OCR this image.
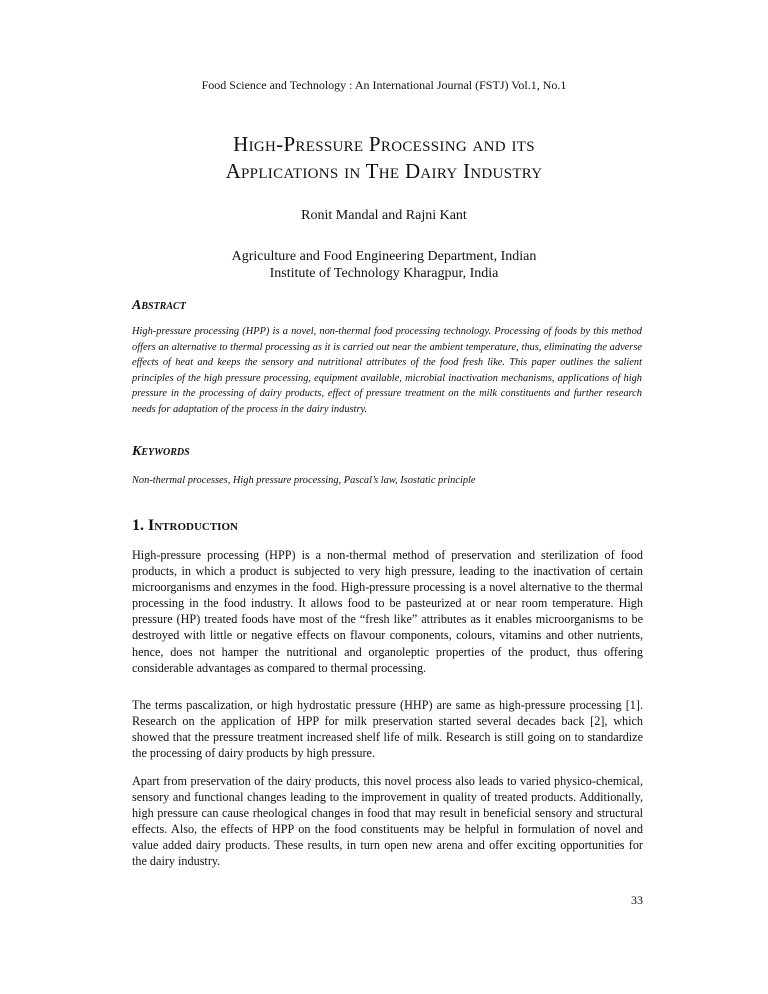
Food Science and Technology : An International Journal (FSTJ) Vol.1, No.1
High-Pressure Processing and its
Applications in The Dairy Industry
Ronit Mandal and Rajni Kant
Agriculture and Food Engineering Department, Indian
Institute of Technology Kharagpur, India
Abstract
High-pressure processing (HPP) is a novel, non-thermal food processing technology. Processing of foods by this method offers an alternative to thermal processing as it is carried out near the ambient temperature, thus, eliminating the adverse effects of heat and keeps the sensory and nutritional attributes of the food fresh like. This paper outlines the salient principles of the high pressure processing, equipment available, microbial inactivation mechanisms, applications of high pressure in the processing of dairy products, effect of pressure treatment on the milk constituents and further research needs for adaptation of the process in the dairy industry.
Keywords
Non-thermal processes, High pressure processing, Pascal’s law, Isostatic principle
1. Introduction
High-pressure processing (HPP) is a non-thermal method of preservation and sterilization of food products, in which a product is subjected to very high pressure, leading to the inactivation of certain microorganisms and enzymes in the food. High-pressure processing is a novel alternative to the thermal processing in the food industry. It allows food to be pasteurized at or near room temperature. High pressure (HP) treated foods have most of the “fresh like” attributes as it enables microorganisms to be destroyed with little or negative effects on flavour components, colours, vitamins and other nutrients, hence, does not hamper the nutritional and organoleptic properties of the product, thus offering considerable advantages as compared to thermal processing.
The terms pascalization, or high hydrostatic pressure (HHP) are same as high-pressure processing [1]. Research on the application of HPP for milk preservation started several decades back [2], which showed that the pressure treatment increased shelf life of milk. Research is still going on to standardize the processing of dairy products by high pressure.
Apart from preservation of the dairy products, this novel process also leads to varied physico-chemical, sensory and functional changes leading to the improvement in quality of treated products. Additionally, high pressure can cause rheological changes in food that may result in beneficial sensory and structural effects. Also, the effects of HPP on the food constituents may be helpful in formulation of novel and value added dairy products. These results, in turn open new arena and offer exciting opportunities for the dairy industry.
33
